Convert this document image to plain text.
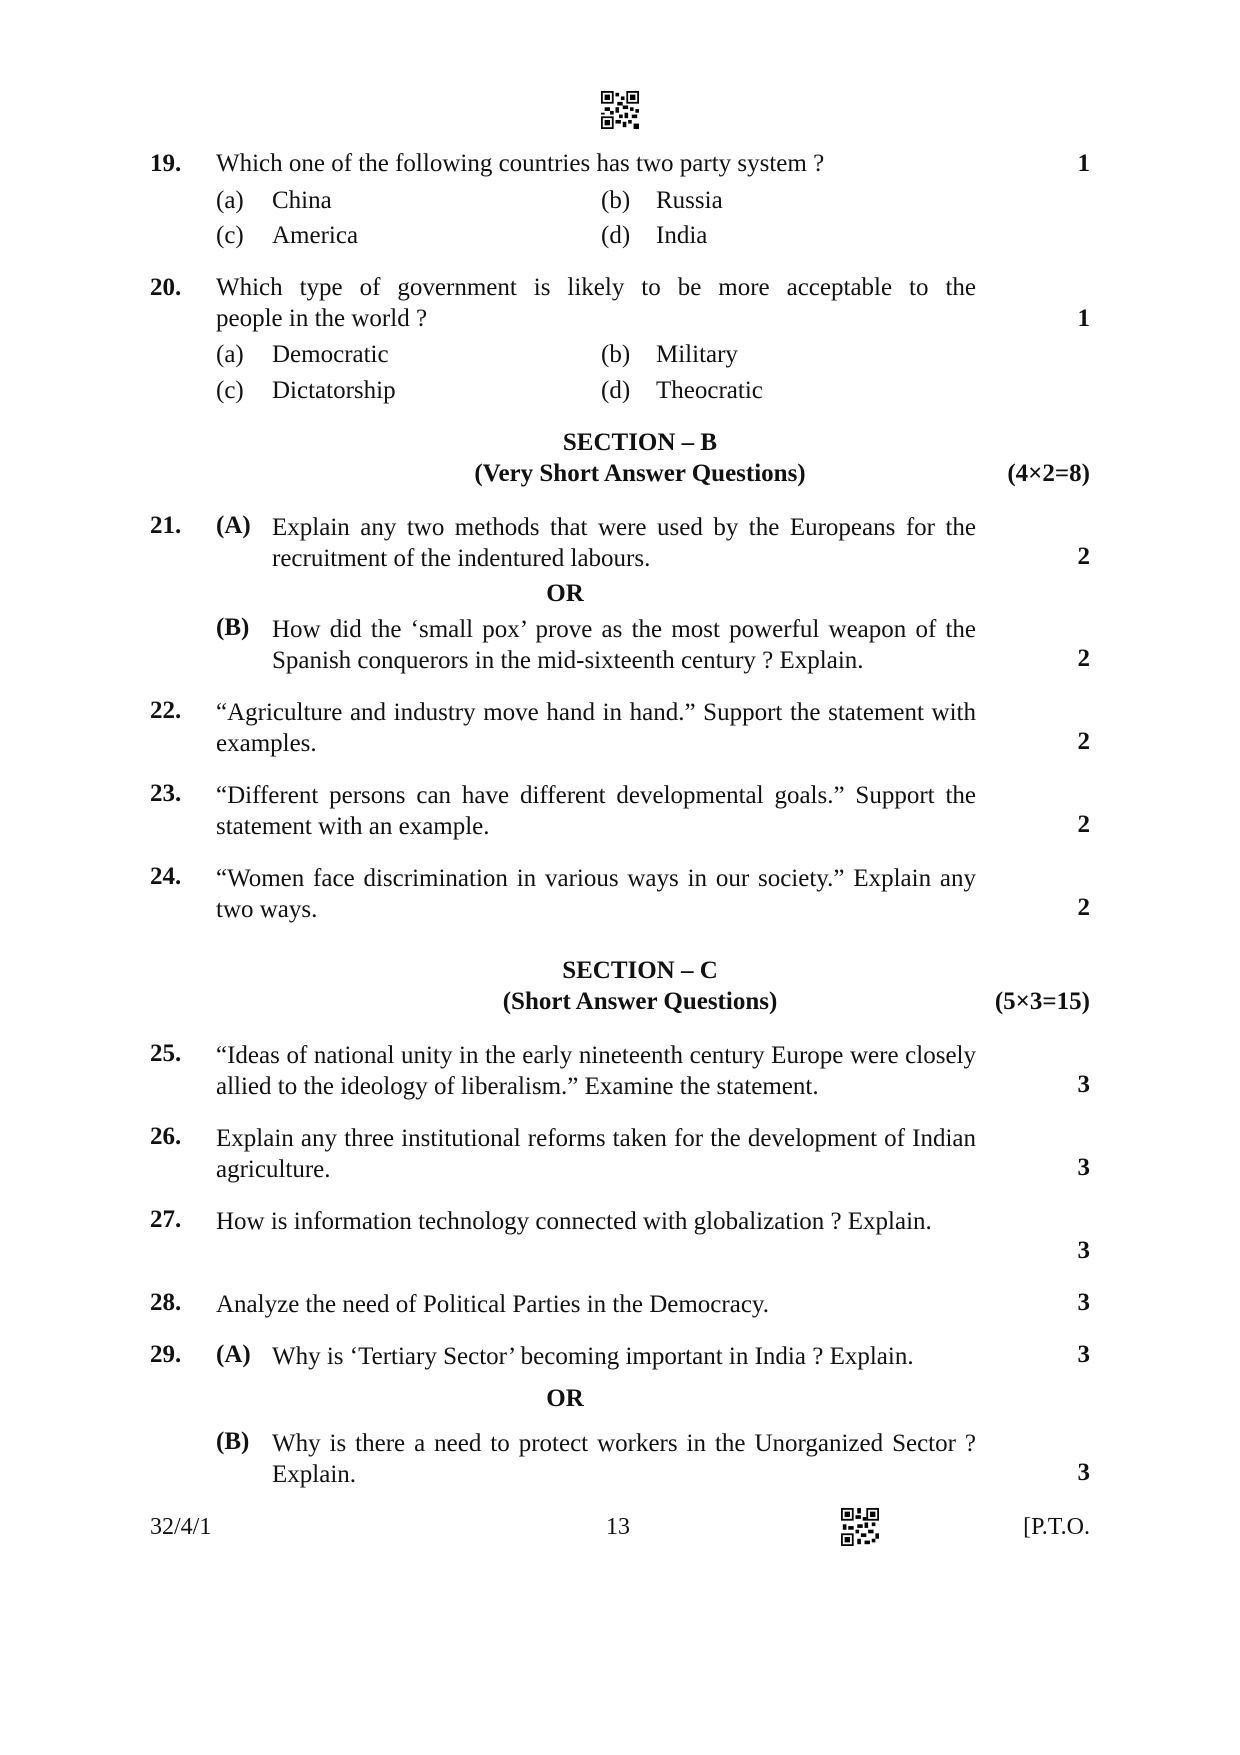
19.	Which one of the following countries has two party system ?	1
(a) China	(b) Russia
(c) America	(d) India
20.	Which type of government is likely to be more acceptable to the
people in the world ?	1
(a) Democratic	(b) Military
(c) Dictatorship	(d) Theocratic
SECTION – B
(Very Short Answer Questions)	(4×2=8)
21.	(A) Explain any two methods that were used by the Europeans for the recruitment of the indentured labours.	2
OR
(B) How did the ‘small pox’ prove as the most powerful weapon of the Spanish conquerors in the mid-sixteenth century ? Explain.	2
22.	“Agriculture and industry move hand in hand.” Support the statement with examples.	2
23.	“Different persons can have different developmental goals.” Support the statement with an example.	2
24.	“Women face discrimination in various ways in our society.” Explain any two ways.	2
SECTION – C
(Short Answer Questions)	(5×3=15)
25.	“Ideas of national unity in the early nineteenth century Europe were closely allied to the ideology of liberalism.” Examine the statement.	3
26.	Explain any three institutional reforms taken for the development of Indian agriculture.	3
27.	How is information technology connected with globalization ? Explain.
3
28.	Analyze the need of Political Parties in the Democracy.	3
29.	(A) Why is ‘Tertiary Sector’ becoming important in India ? Explain.	3
OR
(B) Why is there a need to protect workers in the Unorganized Sector ? Explain.	3
32/4/1	13	[P.T.O.
